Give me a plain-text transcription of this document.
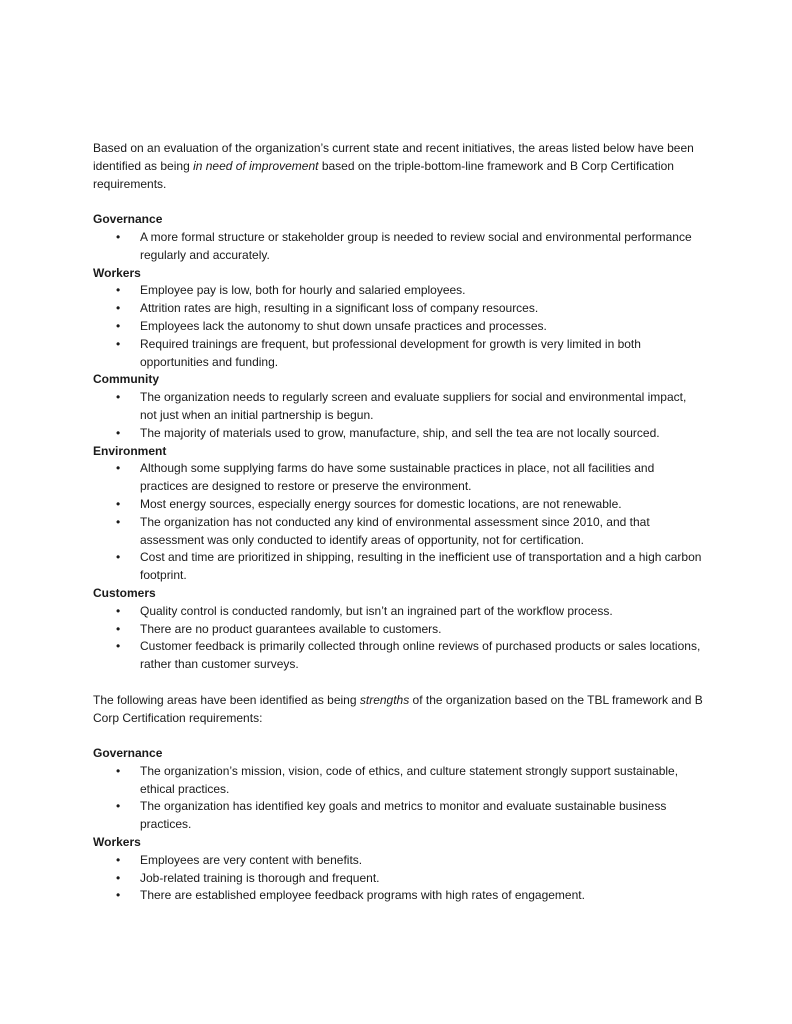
Based on an evaluation of the organization’s current state and recent initiatives, the areas listed below have been identified as being in need of improvement based on the triple-bottom-line framework and B Corp Certification requirements.

Governance

• A more formal structure or stakeholder group is needed to review social and environmental performance regularly and accurately.

Workers

• Employee pay is low, both for hourly and salaried employees.
• Attrition rates are high, resulting in a significant loss of company resources.
• Employees lack the autonomy to shut down unsafe practices and processes.
• Required trainings are frequent, but professional development for growth is very limited in both opportunities and funding.

Community

• The organization needs to regularly screen and evaluate suppliers for social and environmental impact, not just when an initial partnership is begun.
• The majority of materials used to grow, manufacture, ship, and sell the tea are not locally sourced.

Environment

• Although some supplying farms do have some sustainable practices in place, not all facilities and practices are designed to restore or preserve the environment.
• Most energy sources, especially energy sources for domestic locations, are not renewable.
• The organization has not conducted any kind of environmental assessment since 2010, and that assessment was only conducted to identify areas of opportunity, not for certification.
• Cost and time are prioritized in shipping, resulting in the inefficient use of transportation and a high carbon footprint.

Customers

• Quality control is conducted randomly, but isn’t an ingrained part of the workflow process.
• There are no product guarantees available to customers.
• Customer feedback is primarily collected through online reviews of purchased products or sales locations, rather than customer surveys.

The following areas have been identified as being strengths of the organization based on the TBL framework and B Corp Certification requirements:

Governance

• The organization’s mission, vision, code of ethics, and culture statement strongly support sustainable, ethical practices.
• The organization has identified key goals and metrics to monitor and evaluate sustainable business practices.

Workers

• Employees are very content with benefits.
• Job-related training is thorough and frequent.
• There are established employee feedback programs with high rates of engagement.
